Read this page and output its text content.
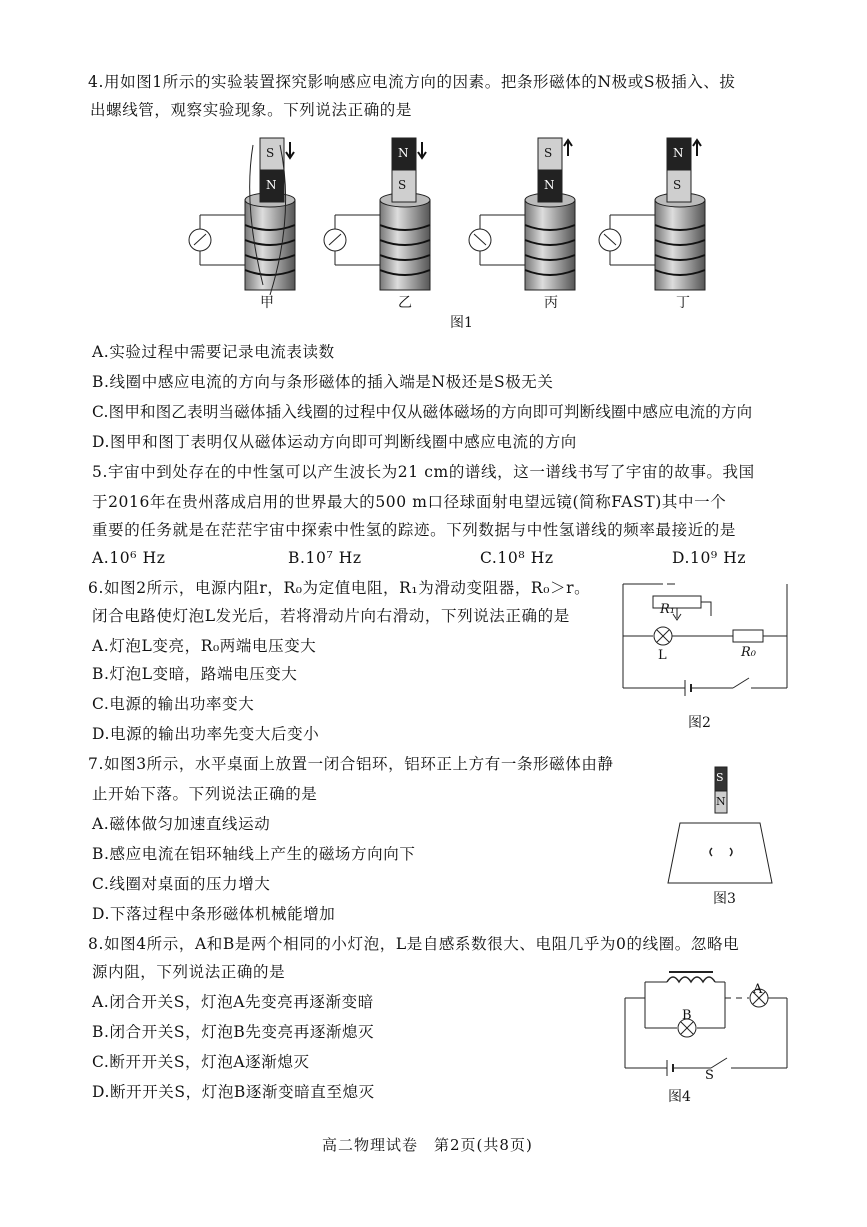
4.用如图1所示的实验装置探究影响感应电流方向的因素。把条形磁体的N极或S极插入、拔
出螺线管，观察实验现象。下列说法正确的是
S
N
N
S
S
N
N
S
甲	乙	丙	丁
图1
A.实验过程中需要记录电流表读数
B.线圈中感应电流的方向与条形磁体的插入端是N极还是S极无关
C.图甲和图乙表明当磁体插入线圈的过程中仅从磁体磁场的方向即可判断线圈中感应电流的方向
D.图甲和图丁表明仅从磁体运动方向即可判断线圈中感应电流的方向
5.宇宙中到处存在的中性氢可以产生波长为21 cm的谱线，这一谱线书写了宇宙的故事。我国
于2016年在贵州落成启用的世界最大的500 m口径球面射电望远镜(简称FAST)其中一个
重要的任务就是在茫茫宇宙中探索中性氢的踪迹。下列数据与中性氢谱线的频率最接近的是
A.10⁶ Hz	B.10⁷ Hz	C.10⁸ Hz	D.10⁹ Hz
6.如图2所示，电源内阻r，R₀为定值电阻，R₁为滑动变阻器，R₀＞r。
闭合电路使灯泡L发光后，若将滑动片向右滑动，下列说法正确的是
A.灯泡L变亮，R₀两端电压变大
B.灯泡L变暗，路端电压变大
C.电源的输出功率变大
D.电源的输出功率先变大后变小
R₁
L	R₀
图2
7.如图3所示，水平桌面上放置一闭合铝环，铝环正上方有一条形磁体由静
止开始下落。下列说法正确的是
A.磁体做匀加速直线运动
B.感应电流在铝环轴线上产生的磁场方向向下
C.线圈对桌面的压力增大
D.下落过程中条形磁体机械能增加
S
N
图3
8.如图4所示，A和B是两个相同的小灯泡，L是自感系数很大、电阻几乎为0的线圈。忽略电
源内阻，下列说法正确的是
A.闭合开关S，灯泡A先变亮再逐渐变暗
B.闭合开关S，灯泡B先变亮再逐渐熄灭
C.断开开关S，灯泡A逐渐熄灭
D.断开开关S，灯泡B逐渐变暗直至熄灭
A
B
S
图4
高二物理试卷　第2页(共8页)
